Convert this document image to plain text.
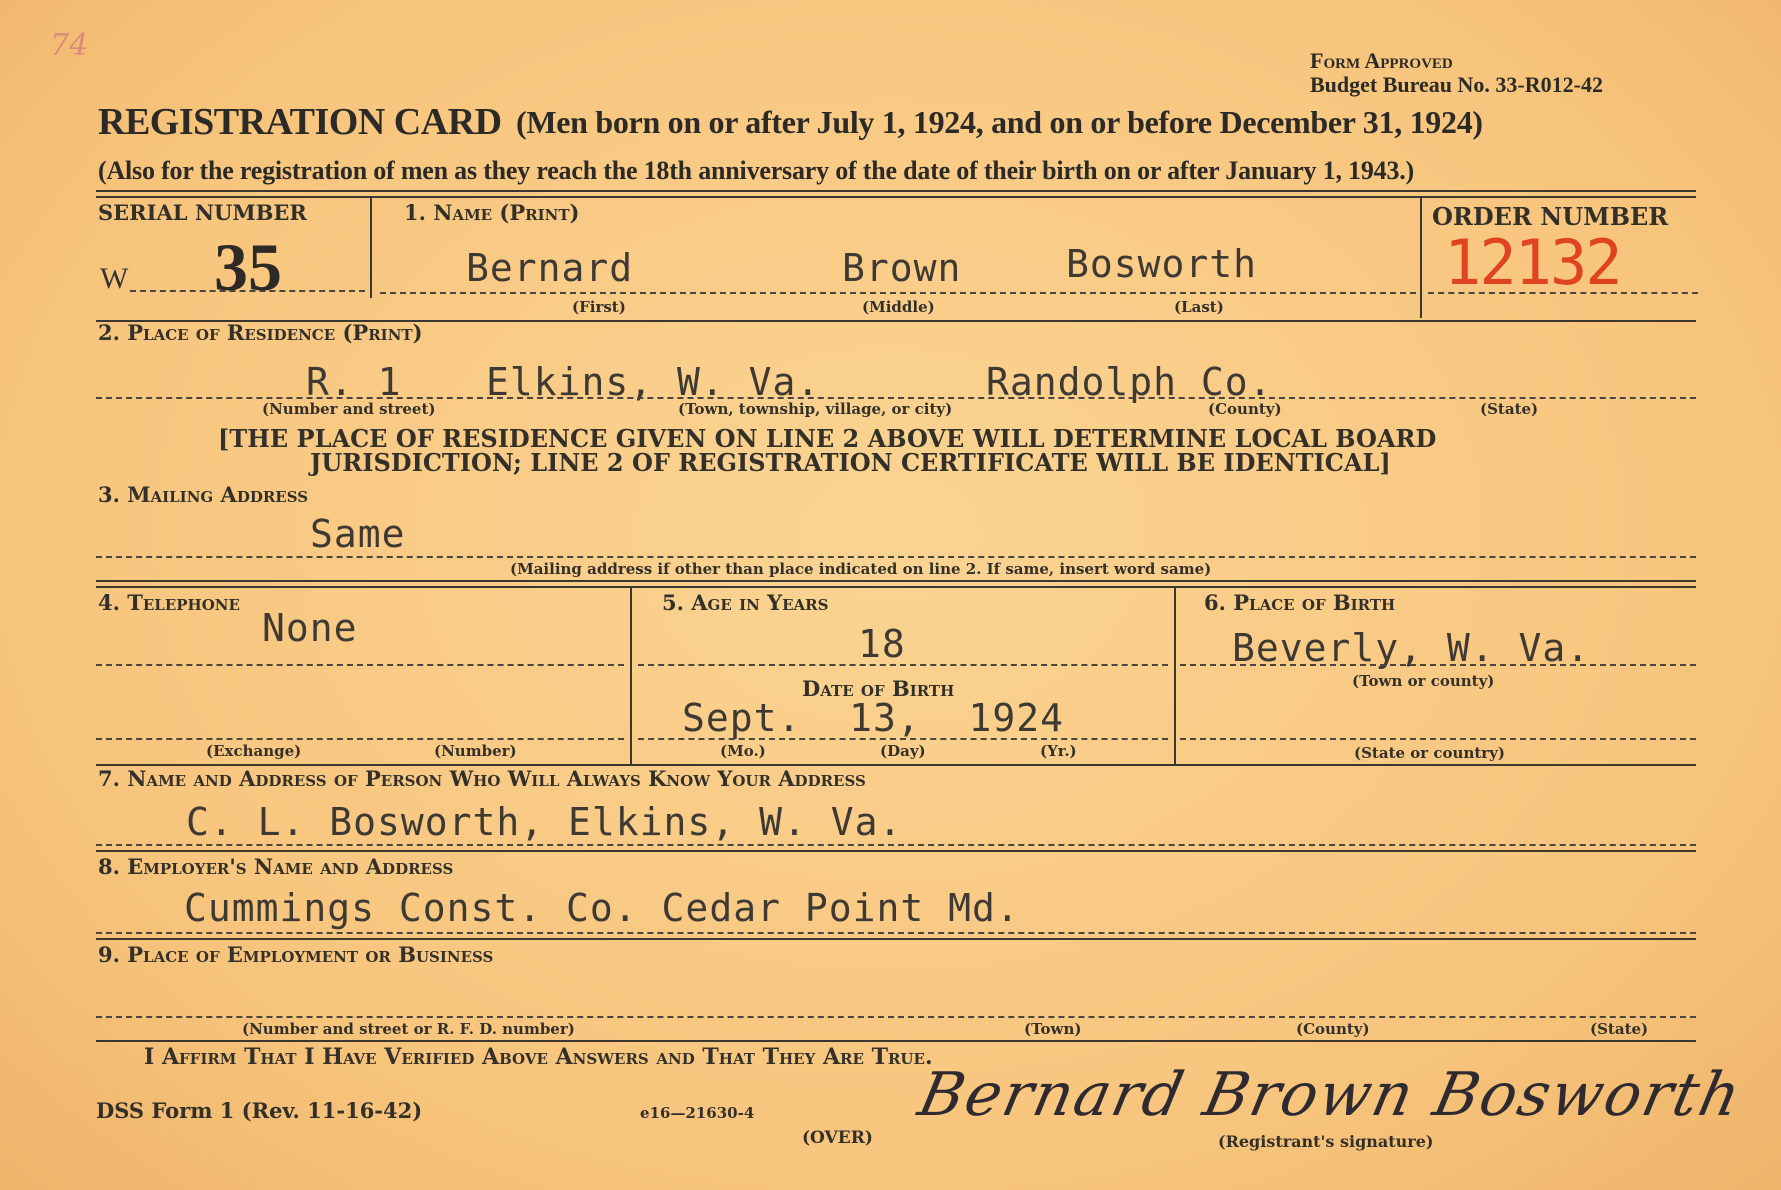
74	Form Approved
Budget Bureau No. 33-R012-42
REGISTRATION CARD (Men born on or after July 1, 1924, and on or before December 31, 1924)
(Also for the registration of men as they reach the 18th anniversary of the date of their birth on or after January 1, 1943.)
SERIAL NUMBER
W 35
1. Name (Print)
Bernard	Brown	Bosworth
(First)	(Middle)	(Last)
ORDER NUMBER
12132
2. Place of Residence (Print)
R. 1 Elkins, W. Va.	Randolph Co.
(Number and street)	(Town, township, village, or city)	(County)	(State)
[THE PLACE OF RESIDENCE GIVEN ON LINE 2 ABOVE WILL DETERMINE LOCAL BOARD
JURISDICTION; LINE 2 OF REGISTRATION CERTIFICATE WILL BE IDENTICAL]
3. Mailing Address
Same
(Mailing address if other than place indicated on line 2. If same, insert word same)
4. Telephone
None
(Exchange)	(Number)
5. Age in Years
18
Date of Birth
Sept.  13,  1924
(Mo.)	(Day)	(Yr.)
6. Place of Birth
Beverly, W. Va.
(Town or county)
(State or country)
7. Name and Address of Person Who Will Always Know Your Address
C. L. Bosworth, Elkins, W. Va.
8. Employer's Name and Address
Cummings Const. Co. Cedar Point Md.
9. Place of Employment or Business
(Number and street or R. F. D. number)	(Town)	(County)	(State)
I Affirm That I Have Verified Above Answers and That They Are True.
DSS Form 1 (Rev. 11-16-42)	e16—21630-4
(OVER)
Bernard Brown Bosworth
(Registrant's signature)
